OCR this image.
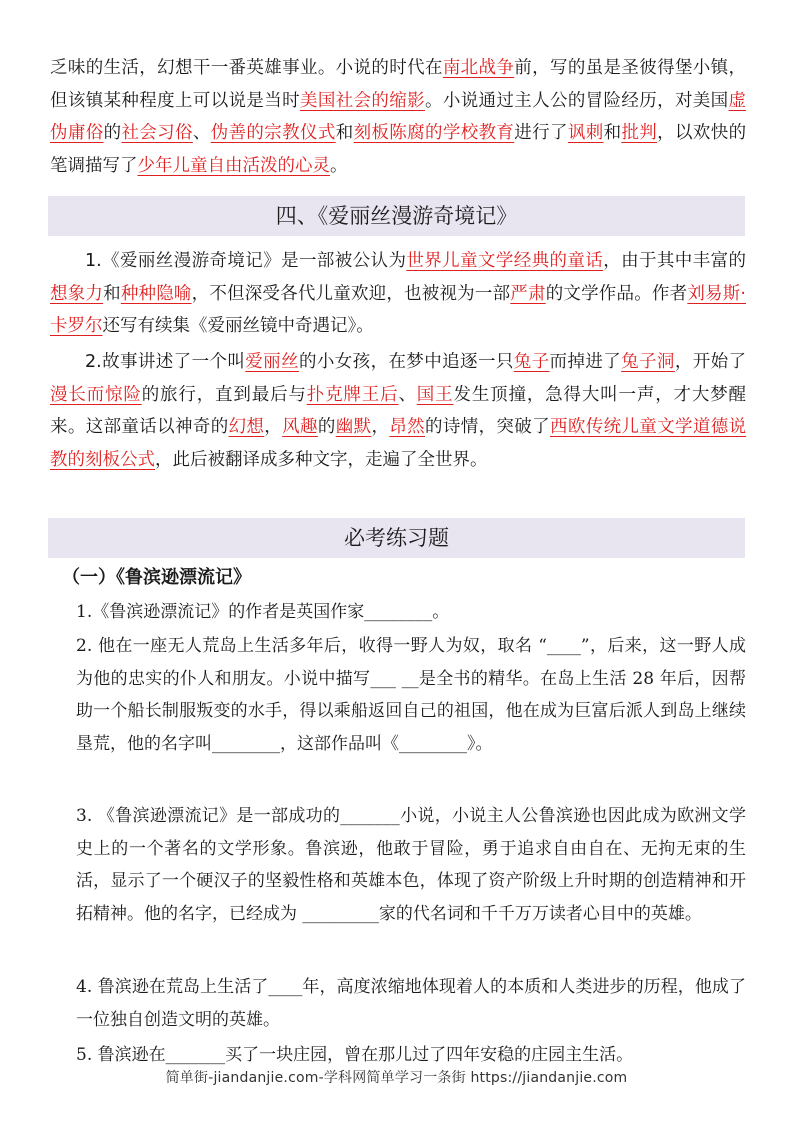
乏味的生活，幻想干一番英雄事业。小说的时代在南北战争前，写的虽是圣彼得堡小镇，但该镇某种程度上可以说是当时美国社会的缩影。小说通过主人公的冒险经历，对美国虚伪庸俗的社会习俗、伪善的宗教仪式和刻板陈腐的学校教育进行了讽刺和批判，以欢快的笔调描写了少年儿童自由活泼的心灵。
四、《爱丽丝漫游奇境记》
1.《爱丽丝漫游奇境记》是一部被公认为世界儿童文学经典的童话，由于其中丰富的想象力和种种隐喻，不但深受各代儿童欢迎，也被视为一部严肃的文学作品。作者刘易斯·卡罗尔还写有续集《爱丽丝镜中奇遇记》。
2.故事讲述了一个叫爱丽丝的小女孩，在梦中追逐一只兔子而掉进了兔子洞，开始了漫长而惊险的旅行，直到最后与扑克牌王后、国王发生顶撞，急得大叫一声，才大梦醒来。这部童话以神奇的幻想，风趣的幽默，昂然的诗情，突破了西欧传统儿童文学道德说教的刻板公式，此后被翻译成多种文字，走遍了全世界。
必考练习题
（一）《鲁滨逊漂流记》
1.《鲁滨逊漂流记》的作者是英国作家________。
2. 他在一座无人荒岛上生活多年后，收得一野人为奴，取名 “____”，后来，这一野人成为他的忠实的仆人和朋友。小说中描写___ __是全书的精华。在岛上生活 28 年后，因帮助一个船长制服叛变的水手，得以乘船返回自己的祖国，他在成为巨富后派人到岛上继续垦荒，他的名字叫________，这部作品叫《________》。
3. 《鲁滨逊漂流记》是一部成功的_______小说，小说主人公鲁滨逊也因此成为欧洲文学史上的一个著名的文学形象。鲁滨逊，他敢于冒险，勇于追求自由自在、无拘无束的生活，显示了一个硬汉子的坚毅性格和英雄本色，体现了资产阶级上升时期的创造精神和开拓精神。他的名字，已经成为 _________家的代名词和千千万万读者心目中的英雄。
4. 鲁滨逊在荒岛上生活了____年，高度浓缩地体现着人的本质和人类进步的历程，他成了一位独自创造文明的英雄。
5. 鲁滨逊在_______买了一块庄园，曾在那儿过了四年安稳的庄园主生活。
简单街-jiandanjie.com-学科网简单学习一条街 https://jiandanjie.com
